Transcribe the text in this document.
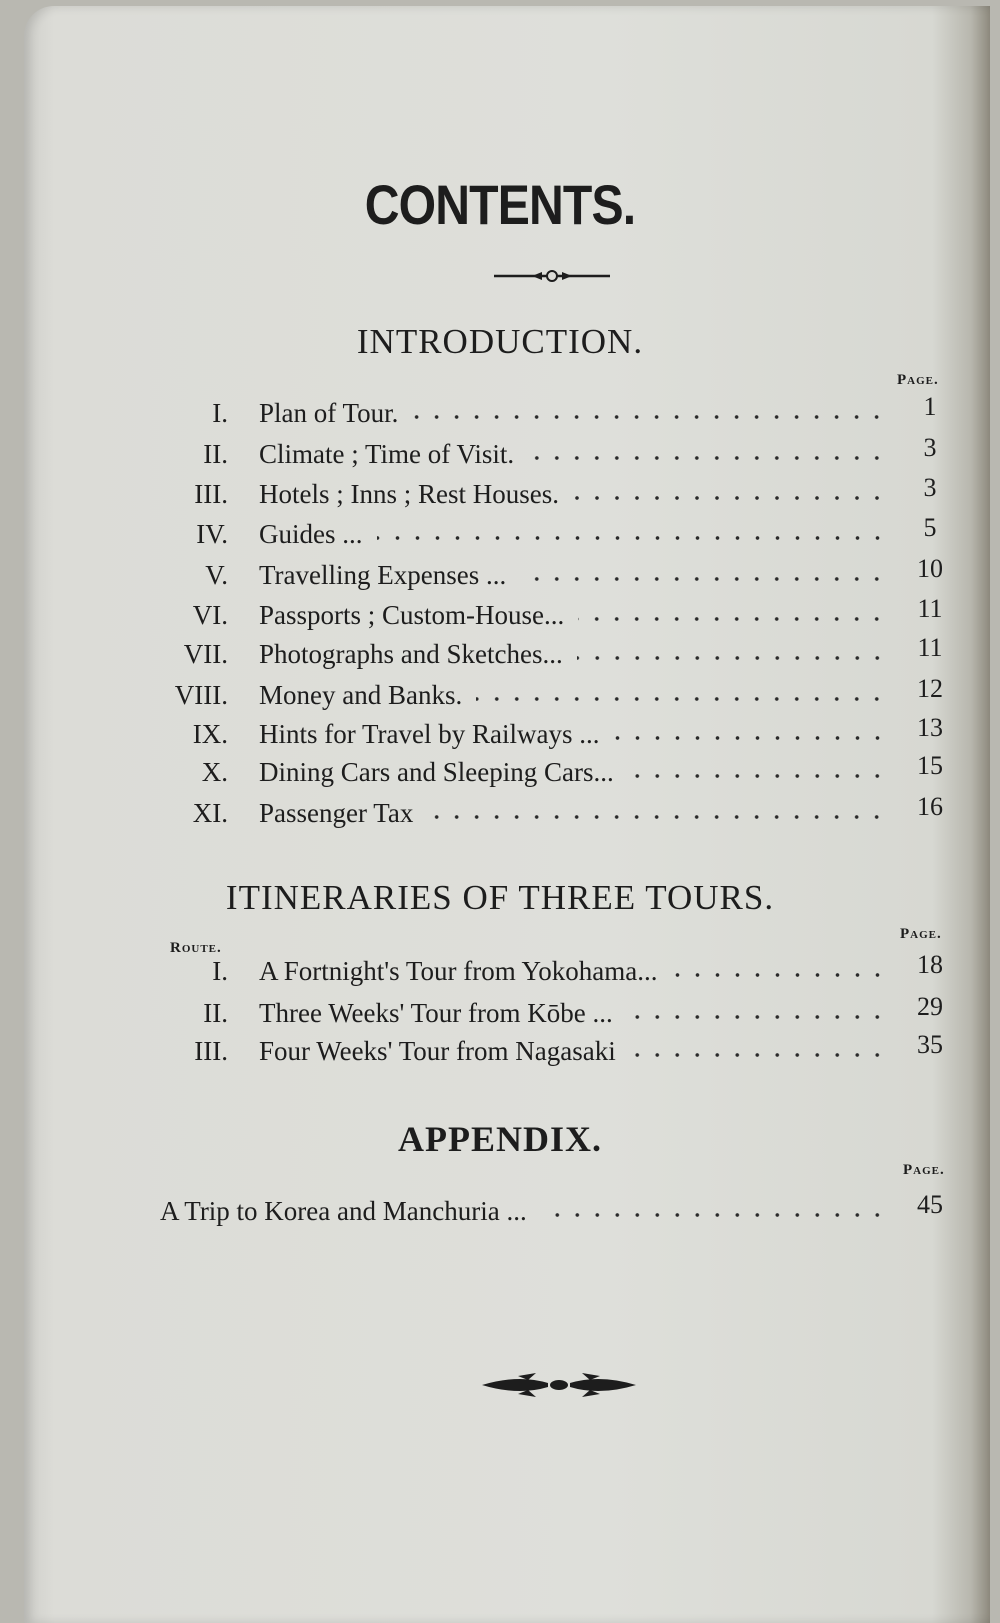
CONTENTS.
INTRODUCTION.
Page.
I. Plan of Tour.	1
II. Climate ; Time of Visit.	3
III. Hotels ; Inns ; Rest Houses.	3
IV. Guides ...	5
V. Travelling Expenses ...	10
VI. Passports ; Custom-House...	11
VII. Photographs and Sketches...	11
VIII. Money and Banks.	12
IX. Hints for Travel by Railways ...	13
X. Dining Cars and Sleeping Cars...	15
XI. Passenger Tax	16
ITINERARIES OF THREE TOURS.
Route.
Page.
I. A Fortnight's Tour from Yokohama...	18
II. Three Weeks' Tour from Kōbe ...	29
III. Four Weeks' Tour from Nagasaki	35
APPENDIX.
Page.
A Trip to Korea and Manchuria ...	45
